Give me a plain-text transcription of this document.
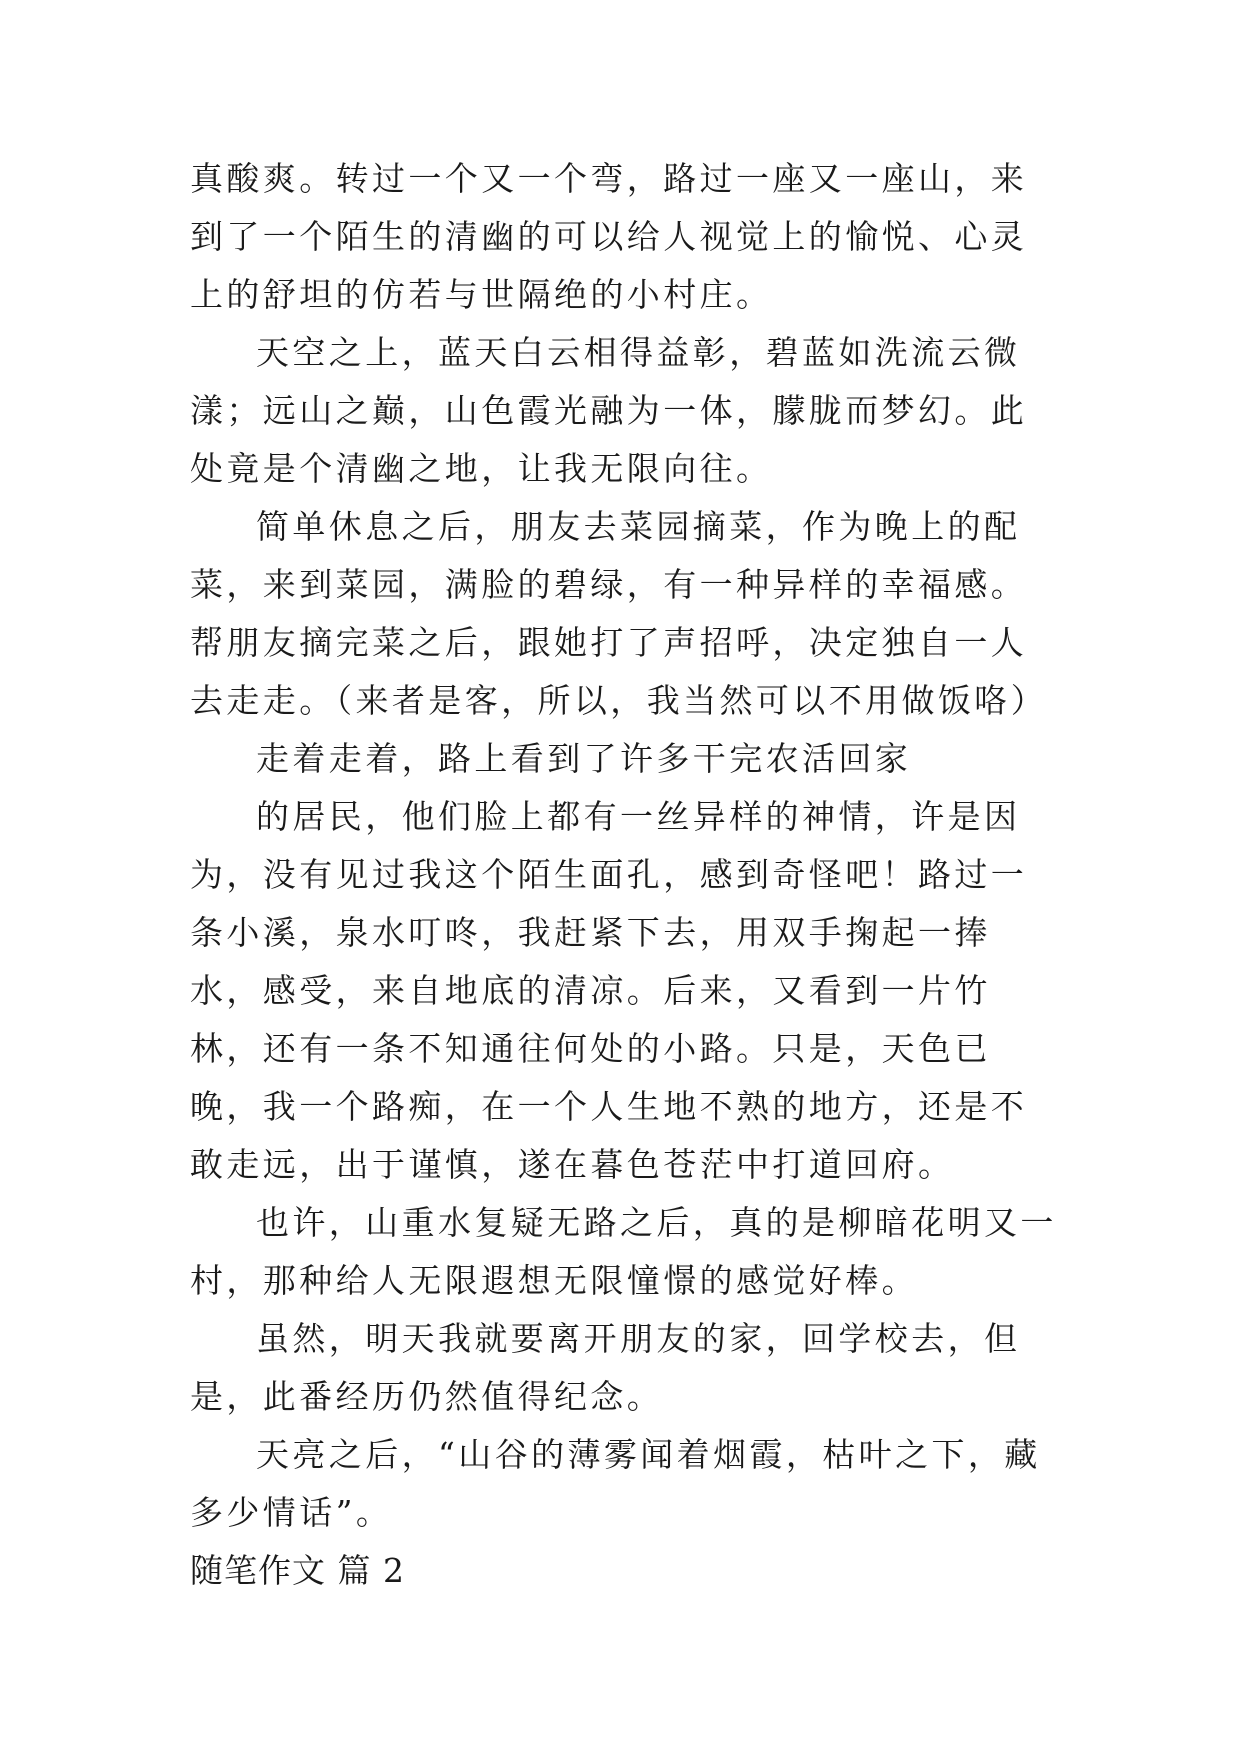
真酸爽。转过一个又一个弯，路过一座又一座山，来到了一个陌生的清幽的可以给人视觉上的愉悦、心灵上的舒坦的仿若与世隔绝的小村庄。

天空之上，蓝天白云相得益彰，碧蓝如洗流云微漾；远山之巅，山色霞光融为一体，朦胧而梦幻。此处竟是个清幽之地，让我无限向往。

简单休息之后，朋友去菜园摘菜，作为晚上的配菜，来到菜园，满脸的碧绿，有一种异样的幸福感。帮朋友摘完菜之后，跟她打了声招呼，决定独自一人去走走。（来者是客，所以，我当然可以不用做饭咯）

走着走着，路上看到了许多干完农活回家

的居民，他们脸上都有一丝异样的神情，许是因为，没有见过我这个陌生面孔，感到奇怪吧！路过一条小溪，泉水叮咚，我赶紧下去，用双手掬起一捧水，感受，来自地底的清凉。后来，又看到一片竹林，还有一条不知通往何处的小路。只是，天色已晚，我一个路痴，在一个人生地不熟的地方，还是不敢走远，出于谨慎，遂在暮色苍茫中打道回府。

也许，山重水复疑无路之后，真的是柳暗花明又一村，那种给人无限遐想无限憧憬的感觉好棒。

虽然，明天我就要离开朋友的家，回学校去，但是，此番经历仍然值得纪念。

天亮之后，“山谷的薄雾闻着烟霞，枯叶之下，藏多少情话”。

随笔作文 篇 2
